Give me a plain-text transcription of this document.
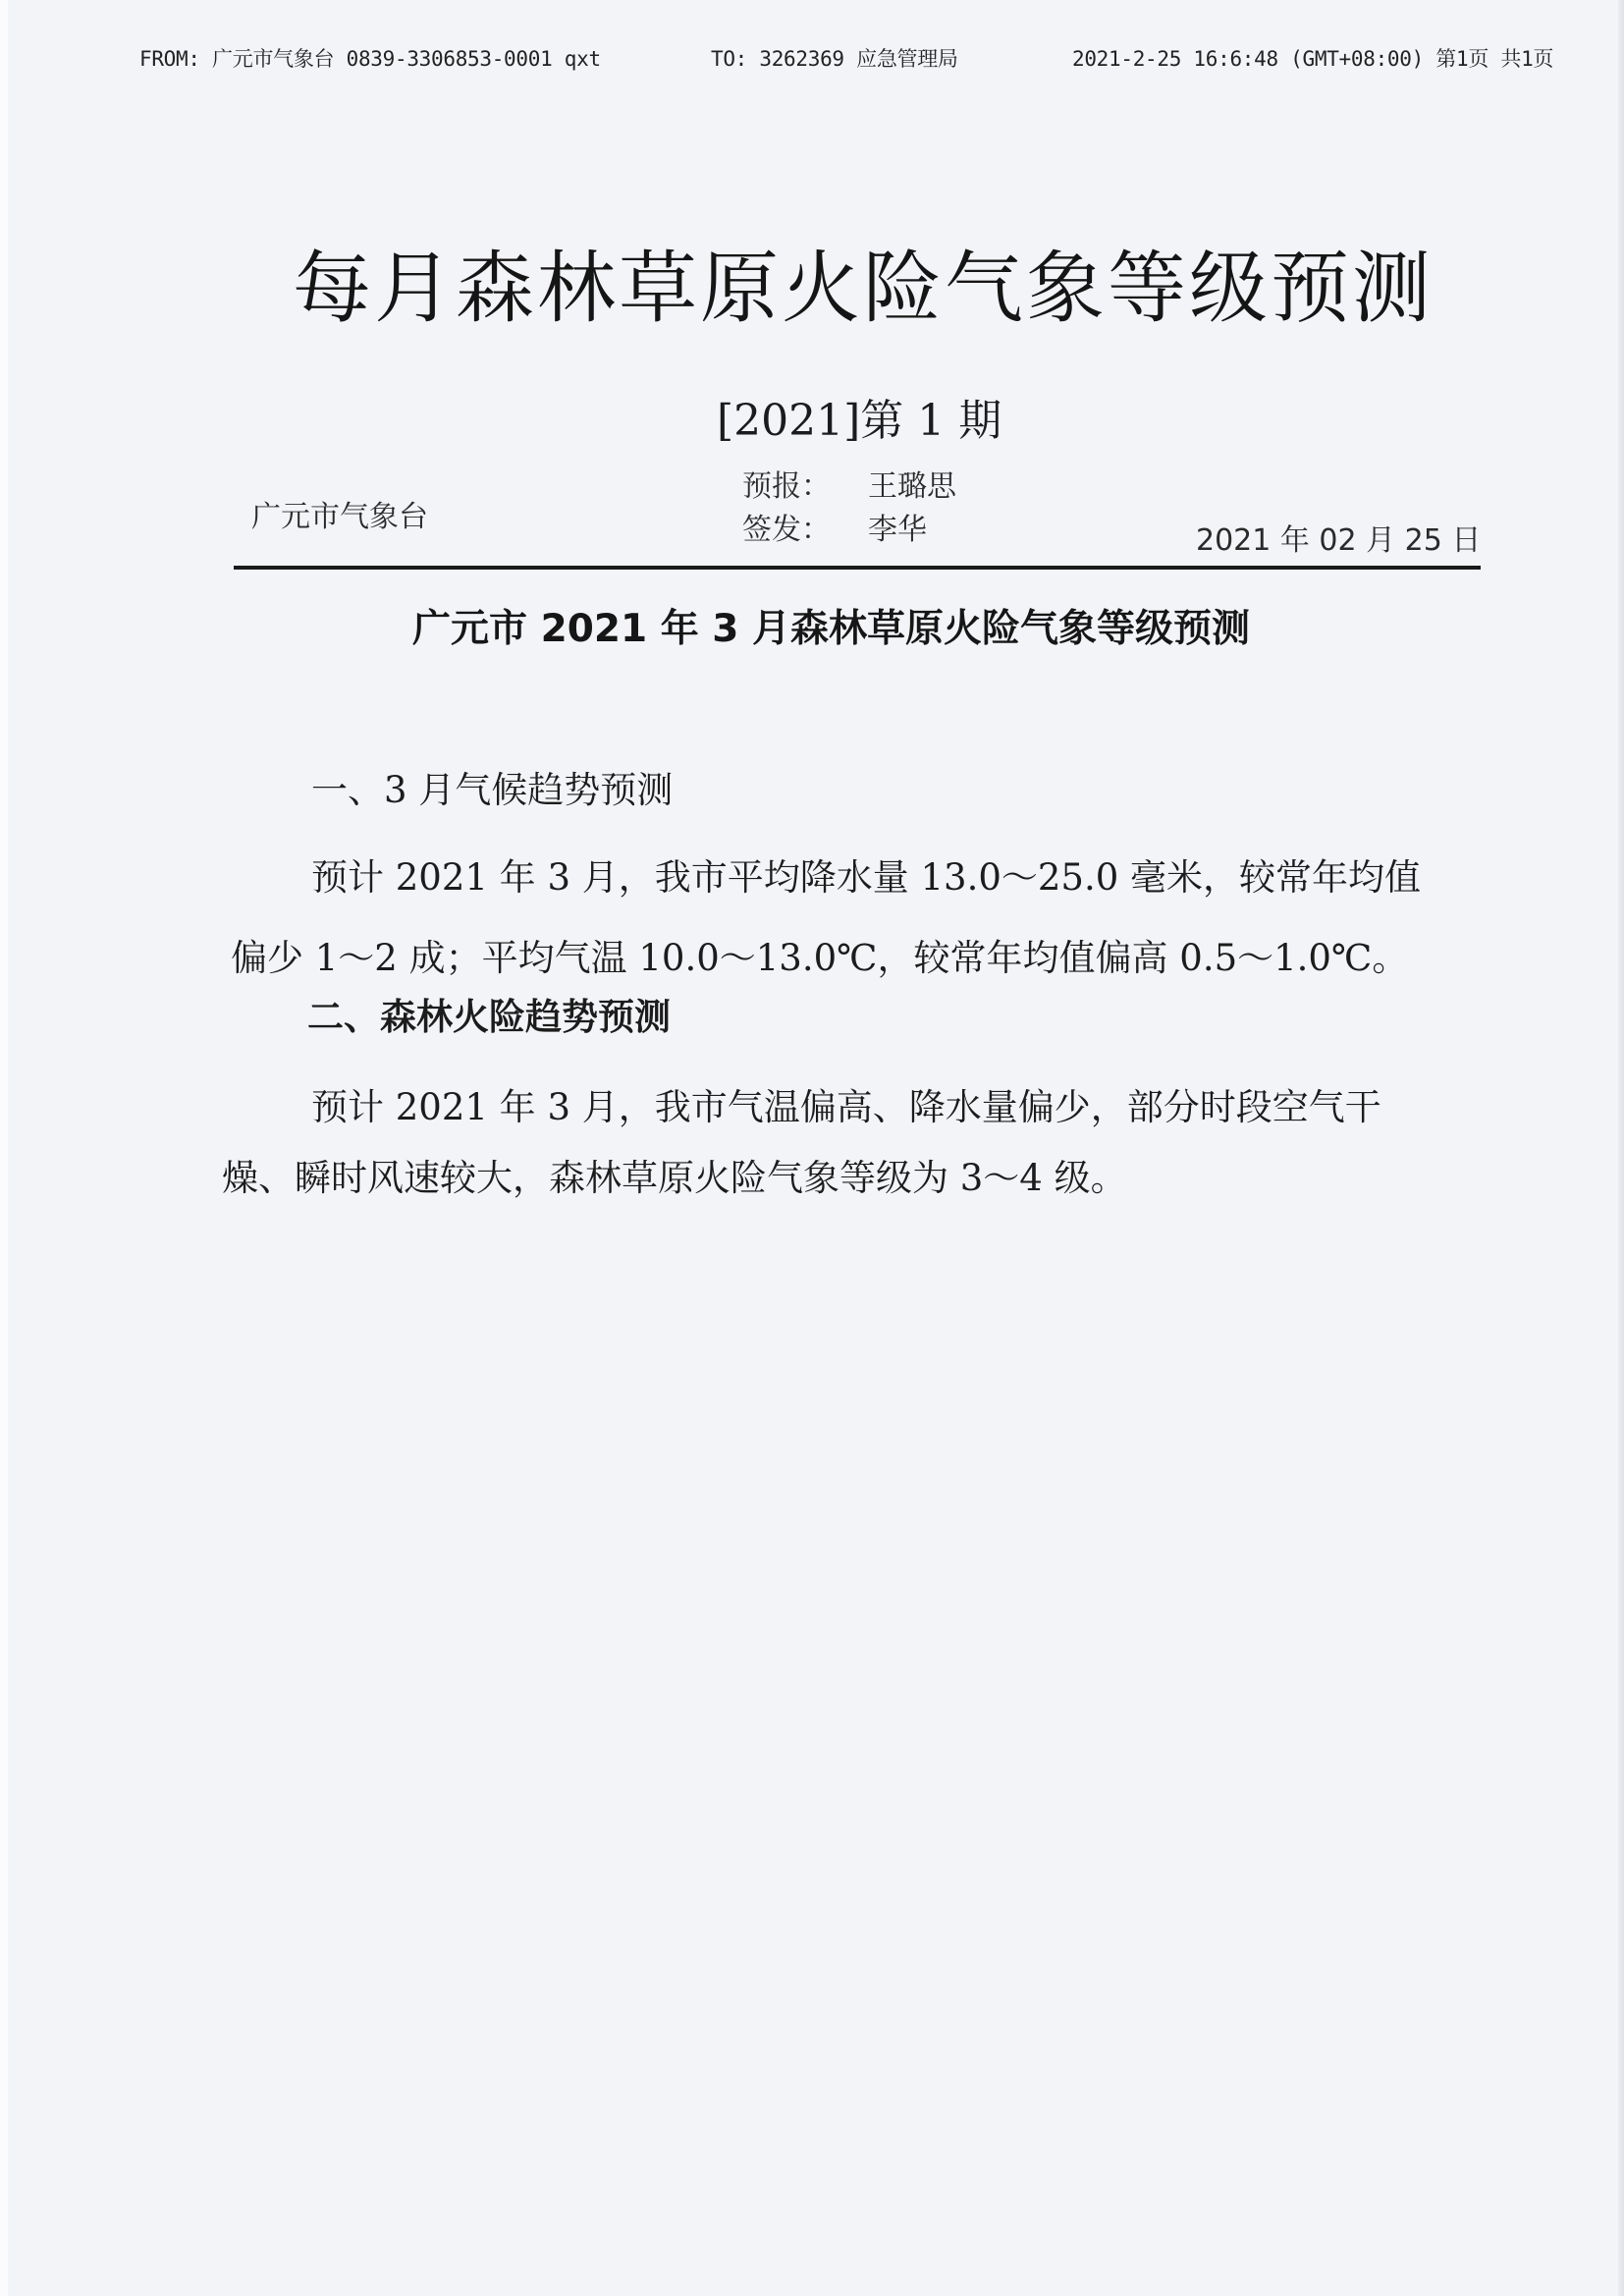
FROM: 广元市气象台 0839-3306853-0001 qxt	TO: 3262369 应急管理局	2021-2-25 16:6:48 (GMT+08:00) 第1页 共1页
每月森林草原火险气象等级预测
[2021]第 1 期
广元市气象台
预报： 王璐思
签发： 李华	2021 年 02 月 25 日
广元市 2021 年 3 月森林草原火险气象等级预测
一、3 月气候趋势预测
预计 2021 年 3 月，我市平均降水量 13.0～25.0 毫米，较常年均值
偏少 1～2 成；平均气温 10.0～13.0℃，较常年均值偏高 0.5～1.0℃。
二、森林火险趋势预测
预计 2021 年 3 月，我市气温偏高、降水量偏少，部分时段空气干
燥、瞬时风速较大，森林草原火险气象等级为 3～4 级。
